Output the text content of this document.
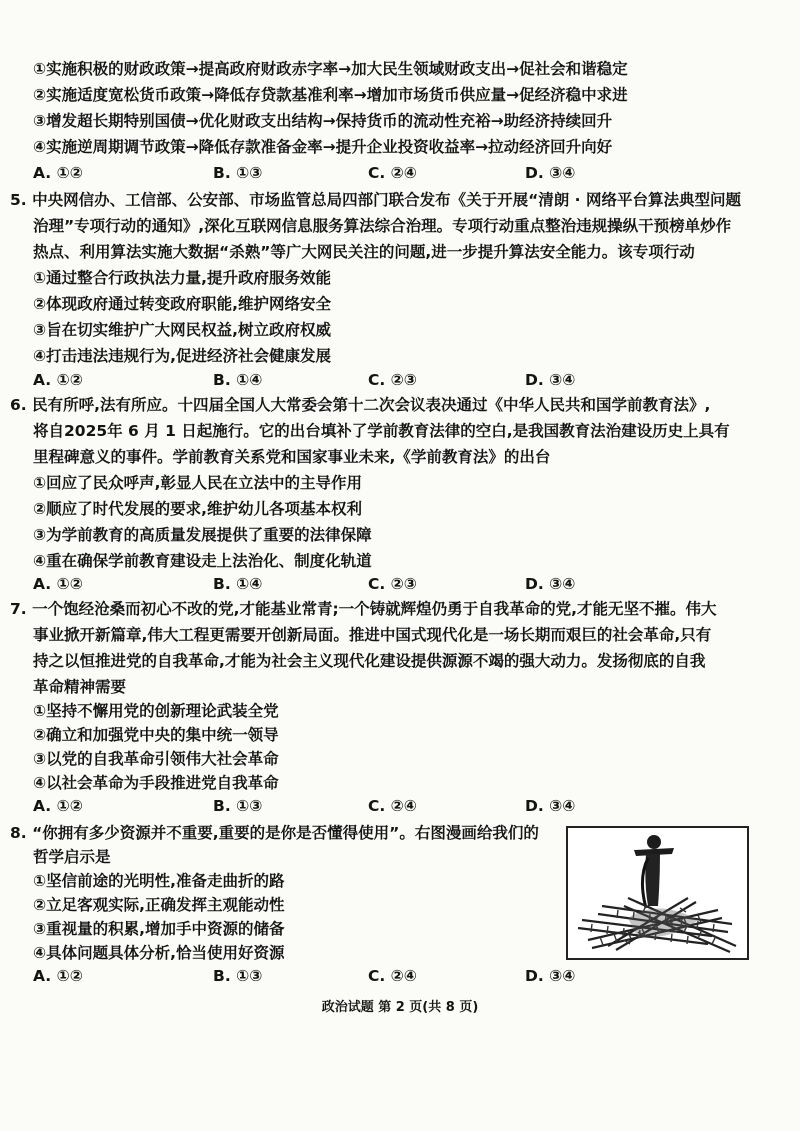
①实施积极的财政政策→提高政府财政赤字率→加大民生领域财政支出→促社会和谐稳定
②实施适度宽松货币政策→降低存贷款基准利率→增加市场货币供应量→促经济稳中求进
③增发超长期特别国债→优化财政支出结构→保持货币的流动性充裕→助经济持续回升
④实施逆周期调节政策→降低存款准备金率→提升企业投资收益率→拉动经济回升向好
A. ①②	B. ①③	C. ②④	D. ③④
5. 中央网信办、工信部、公安部、市场监管总局四部门联合发布《关于开展“清朗 · 网络平台算法典型问题
治理”专项行动的通知》,深化互联网信息服务算法综合治理。专项行动重点整治违规操纵干预榜单炒作
热点、利用算法实施大数据“杀熟”等广大网民关注的问题,进一步提升算法安全能力。该专项行动
①通过整合行政执法力量,提升政府服务效能
②体现政府通过转变政府职能,维护网络安全
③旨在切实维护广大网民权益,树立政府权威
④打击违法违规行为,促进经济社会健康发展
A. ①②	B. ①④	C. ②③	D. ③④
6. 民有所呼,法有所应。十四届全国人大常委会第十二次会议表决通过《中华人民共和国学前教育法》,
将自2025年 6 月 1 日起施行。它的出台填补了学前教育法律的空白,是我国教育法治建设历史上具有
里程碑意义的事件。学前教育关系党和国家事业未来,《学前教育法》的出台
①回应了民众呼声,彰显人民在立法中的主导作用
②顺应了时代发展的要求,维护幼儿各项基本权利
③为学前教育的高质量发展提供了重要的法律保障
④重在确保学前教育建设走上法治化、制度化轨道
A. ①②	B. ①④	C. ②③	D. ③④
7. 一个饱经沧桑而初心不改的党,才能基业常青;一个铸就辉煌仍勇于自我革命的党,才能无坚不摧。伟大
事业掀开新篇章,伟大工程更需要开创新局面。推进中国式现代化是一场长期而艰巨的社会革命,只有
持之以恒推进党的自我革命,才能为社会主义现代化建设提供源源不竭的强大动力。发扬彻底的自我
革命精神需要
①坚持不懈用党的创新理论武装全党
②确立和加强党中央的集中统一领导
③以党的自我革命引领伟大社会革命
④以社会革命为手段推进党自我革命
A. ①②	B. ①③	C. ②④	D. ③④
8. “你拥有多少资源并不重要,重要的是你是否懂得使用”。右图漫画给我们的
哲学启示是
①坚信前途的光明性,准备走曲折的路
②立足客观实际,正确发挥主观能动性
③重视量的积累,增加手中资源的储备
④具体问题具体分析,恰当使用好资源
A. ①②	B. ①③	C. ②④	D. ③④
政治试题 第 2 页(共 8 页)
